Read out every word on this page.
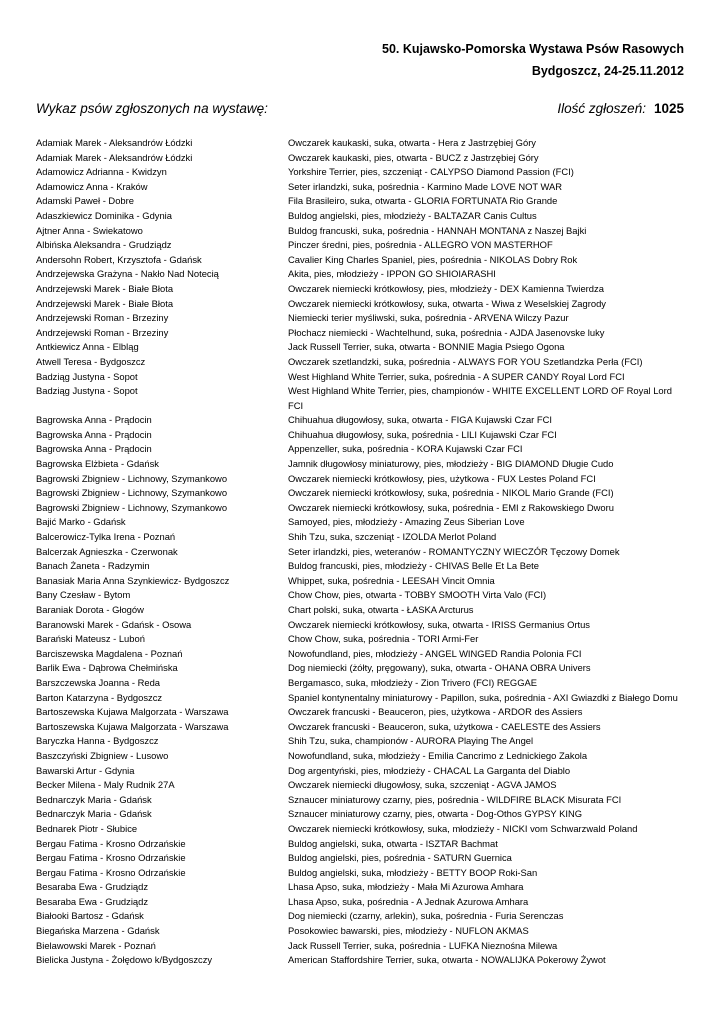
50. Kujawsko-Pomorska Wystawa Psów Rasowych
Bydgoszcz, 24-25.11.2012
Wykaz psów zgłoszonych na wystawę:	Ilość zgłoszeń: 1025
Adamiak Marek - Aleksandrów Łódzki	Owczarek kaukaski, suka, otwarta - Hera z Jastrzębiej Góry
Adamiak Marek - Aleksandrów Łódzki	Owczarek kaukaski, pies, otwarta - BUCZ z Jastrzębiej Góry
Adamowicz Adrianna - Kwidzyn	Yorkshire Terrier, pies, szczeniąt - CALYPSO Diamond Passion (FCI)
Adamowicz Anna - Kraków	Seter irlandzki, suka, pośrednia - Karmino Made LOVE NOT WAR
Adamski Paweł - Dobre	Fila Brasileiro, suka, otwarta - GLORIA FORTUNATA Rio Grande
Adaszkiewicz Dominika - Gdynia	Buldog angielski, pies, młodzieży - BALTAZAR Canis Cultus
Ajtner Anna - Swiekatowo	Buldog francuski, suka, pośrednia - HANNAH MONTANA z Naszej Bajki
Albińska Aleksandra - Grudziądz	Pinczer średni, pies, pośrednia - ALLEGRO VON MASTERHOF
Andersohn Robert, Krzysztofa - Gdańsk	Cavalier King Charles Spaniel, pies, pośrednia - NIKOLAS Dobry Rok
Andrzejewska Grażyna - Nakło Nad Notecią	Akita, pies, młodzieży - IPPON GO SHIOIARASHI
Andrzejewski Marek - Białe Błota	Owczarek niemiecki krótkowłosy, pies, młodzieży - DEX Kamienna Twierdza
Andrzejewski Marek - Białe Błota	Owczarek niemiecki krótkowłosy, suka, otwarta - Wiwa z Weselskiej Zagrody
Andrzejewski Roman - Brzeziny	Niemiecki terier myśliwski, suka, pośrednia - ARVENA Wilczy Pazur
Andrzejewski Roman - Brzeziny	Płochacz niemiecki - Wachtelhund, suka, pośrednia - AJDA Jasenovske luky
Antkiewicz Anna - Elbląg	Jack Russell Terrier, suka, otwarta - BONNIE Magia Psiego Ogona
Atwell Teresa - Bydgoszcz	Owczarek szetlandzki, suka, pośrednia - ALWAYS FOR YOU Szetlandzka Perła (FCI)
Badziąg Justyna - Sopot	West Highland White Terrier, suka, pośrednia - A SUPER CANDY Royal Lord FCI
Badziąg Justyna - Sopot	West Highland White Terrier, pies, championów - WHITE EXCELLENT LORD OF Royal Lord FCI
Bagrowska Anna - Prądocin	Chihuahua długowłosy, suka, otwarta - FIGA Kujawski Czar FCI
Bagrowska Anna - Prądocin	Chihuahua długowłosy, suka, pośrednia - LILI Kujawski Czar FCI
Bagrowska Anna - Prądocin	Appenzeller, suka, pośrednia - KORA Kujawski Czar FCI
Bagrowska Elżbieta - Gdańsk	Jamnik długowłosy miniaturowy, pies, młodzieży - BIG DIAMOND Długie Cudo
Bagrowski Zbigniew - Lichnowy, Szymankowo	Owczarek niemiecki krótkowłosy, pies, użytkowa - FUX Lestes Poland FCI
Bagrowski Zbigniew - Lichnowy, Szymankowo	Owczarek niemiecki krótkowłosy, suka, pośrednia - NIKOL Mario Grande (FCI)
Bagrowski Zbigniew - Lichnowy, Szymankowo	Owczarek niemiecki krótkowłosy, suka, pośrednia - EMI z Rakowskiego Dworu
Bajić Marko - Gdańsk	Samoyed, pies, młodzieży - Amazing Zeus Siberian Love
Balcerowicz-Tylka Irena - Poznań	Shih Tzu, suka, szczeniąt - IZOLDA Merlot Poland
Balcerzak Agnieszka - Czerwonak	Seter irlandzki, pies, weteranów - ROMANTYCZNY WIECZÓR Tęczowy Domek
Banach Żaneta - Radzymin	Buldog francuski, pies, młodzieży - CHIVAS Belle Et La Bete
Banasiak Maria Anna Szynkiewicz- Bydgoszcz	Whippet, suka, pośrednia - LEESAH Vincit Omnia
Bany Czesław - Bytom	Chow Chow, pies, otwarta - TOBBY SMOOTH Virta Valo (FCI)
Baraniak Dorota - Głogów	Chart polski, suka, otwarta - ŁASKA Arcturus
Baranowski Marek - Gdańsk - Osowa	Owczarek niemiecki krótkowłosy, suka, otwarta - IRISS Germanius Ortus
Barański Mateusz - Luboń	Chow Chow, suka, pośrednia - TORI Armi-Fer
Barciszewska Magdalena - Poznań	Nowofundland, pies, młodzieży - ANGEL WINGED Randia Polonia FCI
Barlik Ewa - Dąbrowa Chełmińska	Dog niemiecki (żółty, pręgowany), suka, otwarta - OHANA OBRA Univers
Barszczewska Joanna - Reda	Bergamasco, suka, młodzieży - Zion Trivero (FCI) REGGAE
Barton Katarzyna - Bydgoszcz	Spaniel kontynentalny miniaturowy - Papillon, suka, pośrednia - AXI Gwiazdki z Białego Domu
Bartoszewska Kujawa Malgorzata - Warszawa	Owczarek francuski - Beauceron, pies, użytkowa - ARDOR des Assiers
Bartoszewska Kujawa Malgorzata - Warszawa	Owczarek francuski - Beauceron, suka, użytkowa - CAELESTE des Assiers
Baryczka Hanna - Bydgoszcz	Shih Tzu, suka, championów - AURORA Playing The Angel
Baszczyński Zbigniew - Lusowo	Nowofundland, suka, młodzieży - Emilia Cancrimo z Lednickiego Zakola
Bawarski Artur - Gdynia	Dog argentyński, pies, młodzieży - CHACAL La Garganta del Diablo
Becker Milena - Maly Rudnik 27A	Owczarek niemiecki długowłosy, suka, szczeniąt - AGVA JAMOS
Bednarczyk Maria - Gdańsk	Sznaucer miniaturowy czarny, pies, pośrednia - WILDFIRE BLACK Misurata FCI
Bednarczyk Maria - Gdańsk	Sznaucer miniaturowy czarny, pies, otwarta - Dog-Othos GYPSY KING
Bednarek Piotr - Słubice	Owczarek niemiecki krótkowłosy, suka, młodzieży - NICKI vom Schwarzwald Poland
Bergau Fatima - Krosno Odrzańskie	Buldog angielski, suka, otwarta - ISZTAR Bachmat
Bergau Fatima - Krosno Odrzańskie	Buldog angielski, pies, pośrednia - SATURN Guernica
Bergau Fatima - Krosno Odrzańskie	Buldog angielski, suka, młodzieży - BETTY BOOP Roki-San
Besaraba Ewa - Grudziądz	Lhasa Apso, suka, młodzieży - Mała Mi Azurowa Amhara
Besaraba Ewa - Grudziądz	Lhasa Apso, suka, pośrednia - A Jednak Azurowa Amhara
Białooki Bartosz - Gdańsk	Dog niemiecki (czarny, arlekin), suka, pośrednia - Furia Serenczas
Biegańska Marzena - Gdańsk	Posokowiec bawarski, pies, młodzieży - NUFLON AKMAS
Bielawowski Marek - Poznań	Jack Russell Terrier, suka, pośrednia - LUFKA Nieznośna Milewa
Bielicka Justyna - Żołędowo k/Bydgoszczy	American Staffordshire Terrier, suka, otwarta - NOWALIJKA Pokerowy Żywot
